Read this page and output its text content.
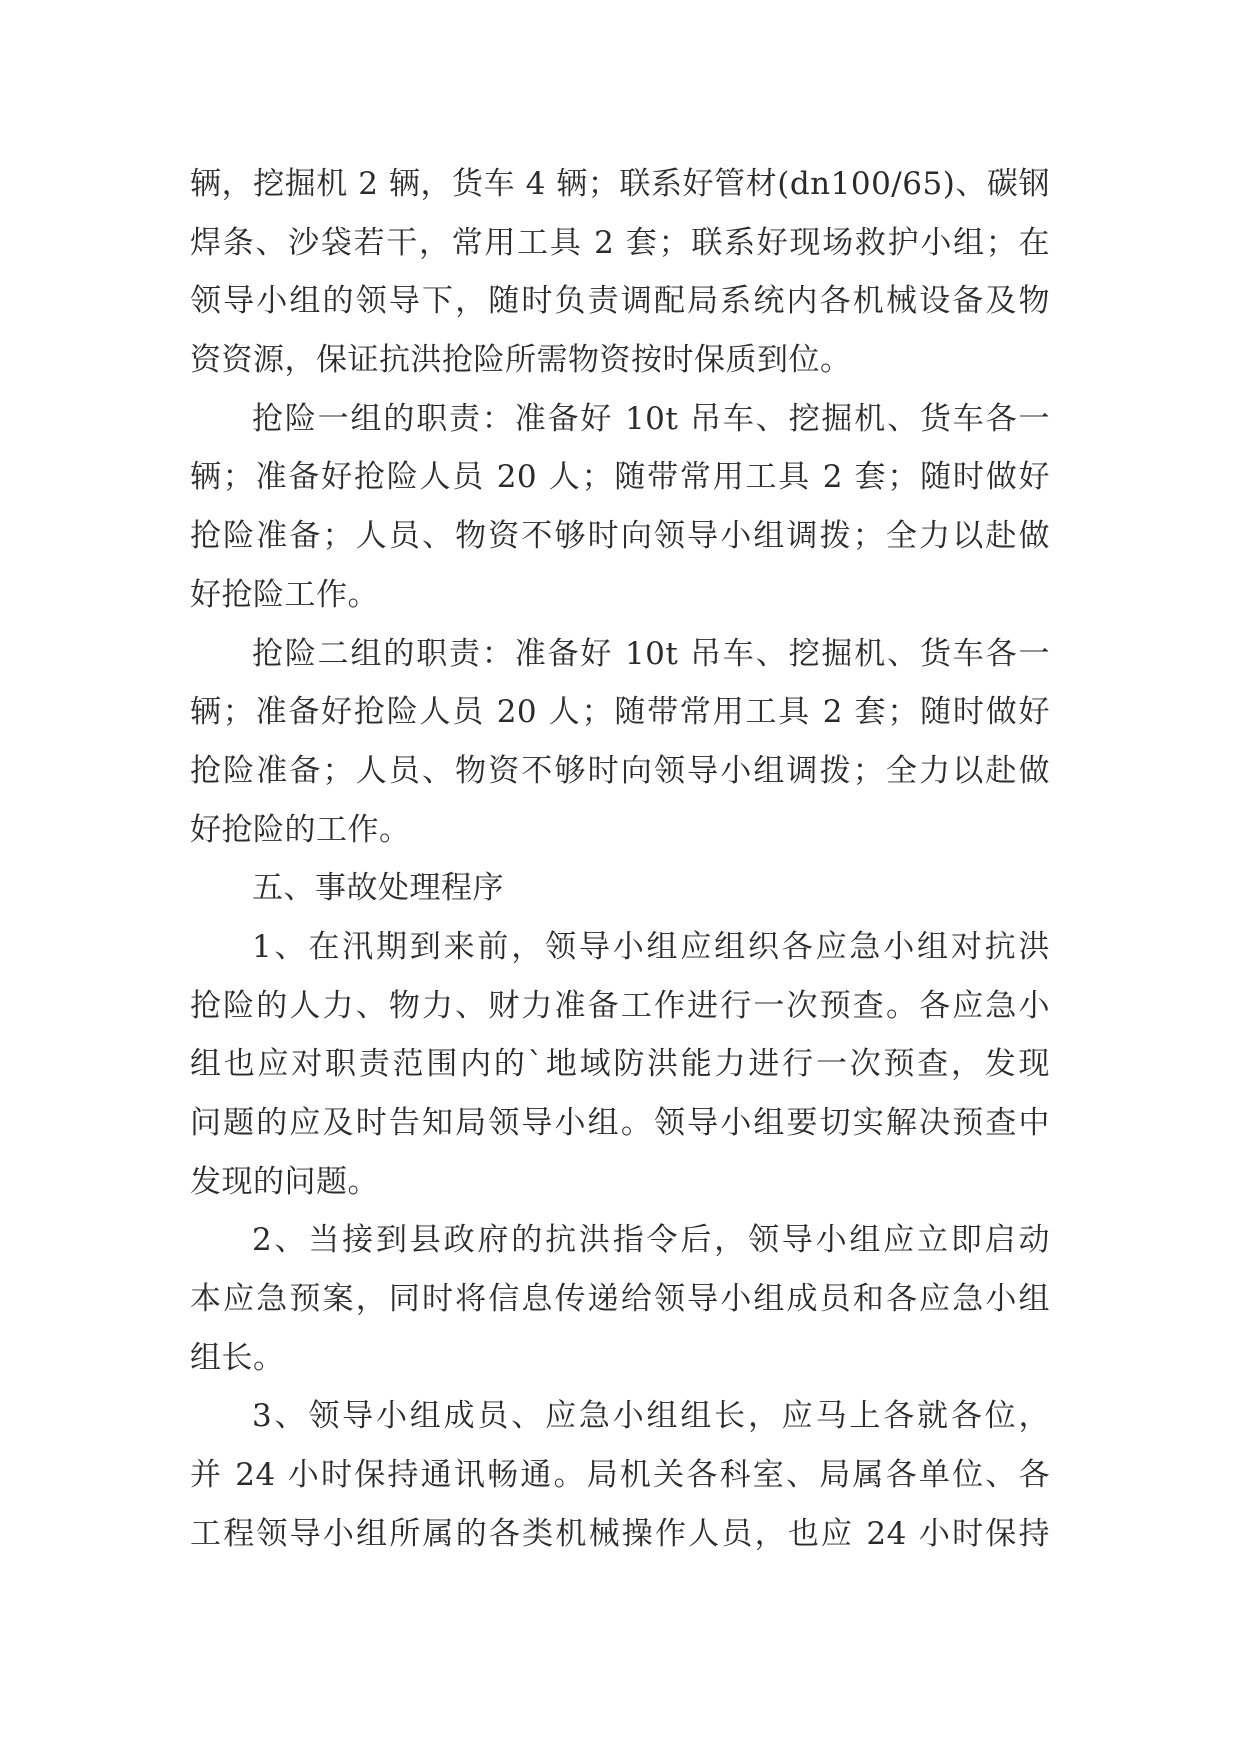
辆，挖掘机 2 辆，货车 4 辆；联系好管材(dn100/65)、碳钢
焊条、沙袋若干，常用工具 2 套；联系好现场救护小组；在
领导小组的领导下，随时负责调配局系统内各机械设备及物
资资源，保证抗洪抢险所需物资按时保质到位。
抢险一组的职责：准备好 10t 吊车、挖掘机、货车各一
辆；准备好抢险人员 20 人；随带常用工具 2 套；随时做好
抢险准备；人员、物资不够时向领导小组调拨；全力以赴做
好抢险工作。
抢险二组的职责：准备好 10t 吊车、挖掘机、货车各一
辆；准备好抢险人员 20 人；随带常用工具 2 套；随时做好
抢险准备；人员、物资不够时向领导小组调拨；全力以赴做
好抢险的工作。
五、事故处理程序
1、在汛期到来前，领导小组应组织各应急小组对抗洪
抢险的人力、物力、财力准备工作进行一次预查。各应急小
组也应对职责范围内的`地域防洪能力进行一次预查，发现
问题的应及时告知局领导小组。领导小组要切实解决预查中
发现的问题。
2、当接到县政府的抗洪指令后，领导小组应立即启动
本应急预案，同时将信息传递给领导小组成员和各应急小组
组长。
3、领导小组成员、应急小组组长，应马上各就各位，
并 24 小时保持通讯畅通。局机关各科室、局属各单位、各
工程领导小组所属的各类机械操作人员，也应 24 小时保持
